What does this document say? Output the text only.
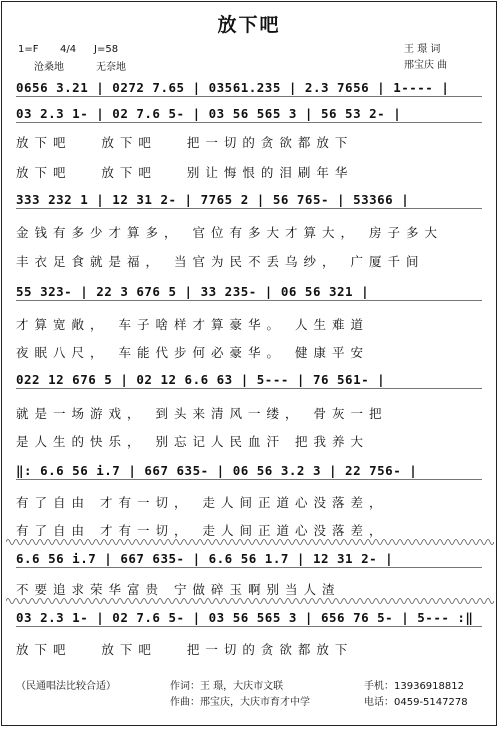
放下吧
1=F 4/4 J=58
沧桑地	无奈地
王 璟 词
邢宝庆 曲
0656 3.21 | 0272 7.65 | 03561.235 | 2.3 7656 | 1---- |
03 2.3 1- | 02 7.6 5- | 03 56 565 3 | 56 53 2- |
放下吧   放下吧   把一切的贪欲都放下
放下吧   放下吧   别让悔恨的泪刷年华
333 232 1 | 12 31 2- | 7765 2 | 56 765- | 53366 |
金钱有多少才算多， 官位有多大才算大， 房子多大
丰衣足食就是福， 当官为民不丢乌纱， 广厦千间
55 323- | 22 3 676 5 | 33 235- | 06 56 321 |
才算宽敞， 车子啥样才算豪华。 人生难道
夜眠八尺， 车能代步何必豪华。 健康平安
022 12 676 5 | 02 12 6.6 63 | 5--- | 76 561- |
就是一场游戏， 到头来清风一缕， 骨灰一把
是人生的快乐， 别忘记人民血汗 把我养大
‖: 6.6 56 i.7 | 667 635- | 06 56 3.2 3 | 22 756- |
有了自由 才有一切， 走人间正道心没落差，
有了自由 才有一切， 走人间正道心没落差，
6.6 56 i.7 | 667 635- | 6.6 56 1.7 | 12 31 2- |
不要追求荣华富贵 宁做碎玉啊别当人渣
03 2.3 1- | 02 7.6 5- | 03 56 565 3 | 656 76 5- | 5--- :‖
放下吧   放下吧   把一切的贪欲都放下
（民通唱法比较合适）	作词：王 璟，大庆市文联
作曲：邢宝庆，大庆市育才中学
手机：13936918812
电话：0459-5147278
